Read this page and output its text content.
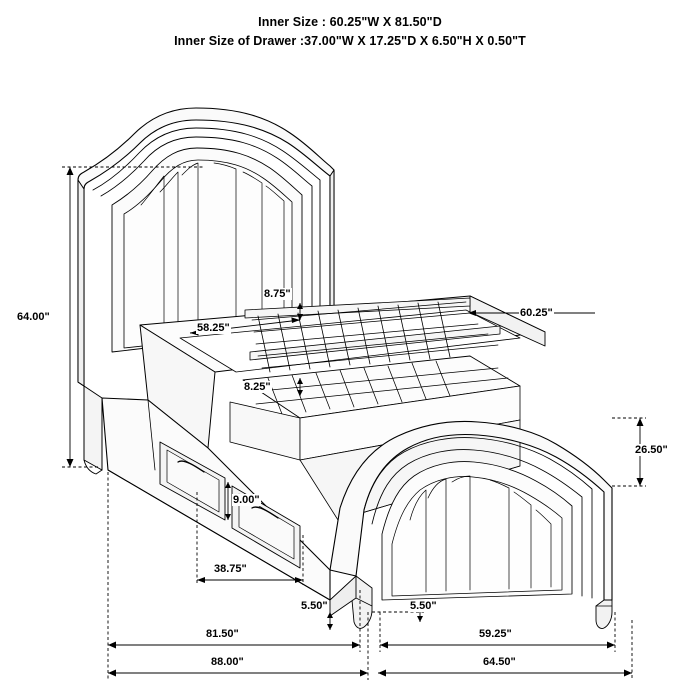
Inner Size : 60.25"W X 81.50"D
Inner Size of Drawer :37.00"W X 17.25"D X 6.50"H X 0.50"T
64.00"
58.25"
8.75"
60.25"
8.25"
9.00"
26.50"
38.75"
5.50"	5.50"
81.50"	59.25"
88.00"	64.50"
